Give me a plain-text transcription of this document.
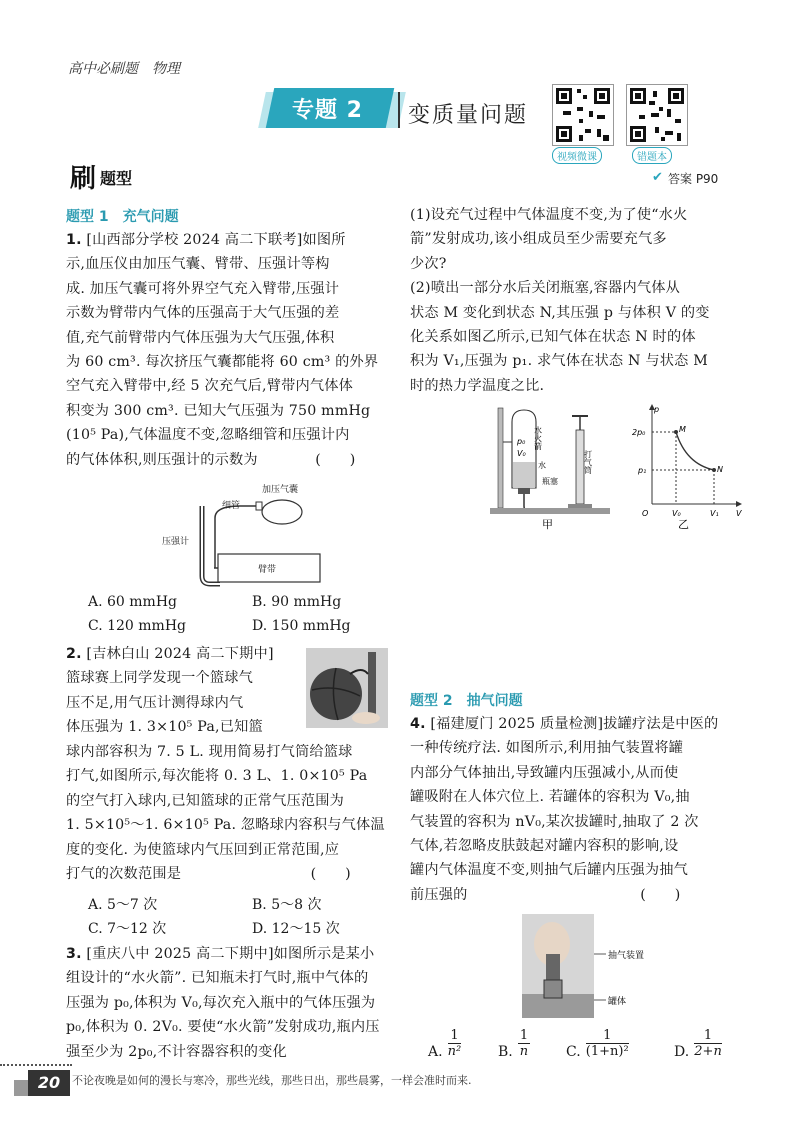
高中必刷题　物理
专题 2 变质量问题
视频微课	错题本
刷 题型	✔ 答案 P90
题型 1　充气问题
1. [山西部分学校 2024 高二下联考]如图所
示,血压仪由加压气囊、臂带、压强计等构
成. 加压气囊可将外界空气充入臂带,压强计
示数为臂带内气体的压强高于大气压强的差
值,充气前臂带内气体压强为大气压强,体积
为 60 cm³. 每次挤压气囊都能将 60 cm³ 的外界
空气充入臂带中,经 5 次充气后,臂带内气体体
积变为 300 cm³. 已知大气压强为 750 mmHg
(10⁵ Pa),气体温度不变,忽略细管和压强计内
的气体体积,则压强计的示数为　　　　(　　)
加压气囊
细管
压强计
臂带
A. 60 mmHg	B. 90 mmHg
C. 120 mmHg	D. 150 mmHg
2. [吉林白山 2024 高二下期中]
篮球赛上同学发现一个篮球气
压不足,用气压计测得球内气
体压强为 1. 3×10⁵ Pa,已知篮
球内部容积为 7. 5 L. 现用简易打气筒给篮球
打气,如图所示,每次能将 0. 3 L、1. 0×10⁵ Pa
的空气打入球内,已知篮球的正常气压范围为
1. 5×10⁵～1. 6×10⁵ Pa. 忽略球内容积与气体温
度的变化. 为使篮球内气压回到正常范围,应
打气的次数范围是　　　　　　　　　(　　)
A. 5～7 次	B. 5～8 次
C. 7～12 次	D. 12～15 次
3. [重庆八中 2025 高二下期中]如图所示是某小
组设计的“水火箭”. 已知瓶未打气时,瓶中气体的
压强为 p₀,体积为 V₀,每次充入瓶中的气体压强为
p₀,体积为 0. 2V₀. 要使“水火箭”发射成功,瓶内压
强至少为 2p₀,不计容器容积的变化
(1)设充气过程中气体温度不变,为了使“水火
箭”发射成功,该小组成员至少需要充气多
少次?
(2)喷出一部分水后关闭瓶塞,容器内气体从
状态 M 变化到状态 N,其压强 p 与体积 V 的变
化关系如图乙所示,已知气体在状态 N 时的体
积为 V₁,压强为 p₁. 求气体在状态 N 与状态 M
时的热力学温度之比.
p₀
V₀
水火箭
水
瓶塞
打气筒
甲
p
V
O
2p₀
p₁
V₀	V₁
M
N
乙
题型 2　抽气问题
4. [福建厦门 2025 质量检测]拔罐疗法是中医的
一种传统疗法. 如图所示,利用抽气装置将罐
内部分气体抽出,导致罐内压强减小,从而使
罐吸附在人体穴位上. 若罐体的容积为 V₀,抽
气装置的容积为 nV₀,某次拔罐时,抽取了 2 次
气体,若忽略皮肤鼓起对罐内容积的影响,设
罐内气体温度不变,则抽气后罐内压强为抽气
前压强的　　　　　　　　　　　　(　　)
抽气装置
罐体
A. $\frac{1}{\text{n²}}$	B. $\frac{1}{n}$	C. $\frac{1}{\text{(1+n)²}}$	D. $\frac{1}{2+n}$
20	不论夜晚是如何的漫长与寒冷，那些光线，那些日出，那些晨雾，一样会准时而来.
